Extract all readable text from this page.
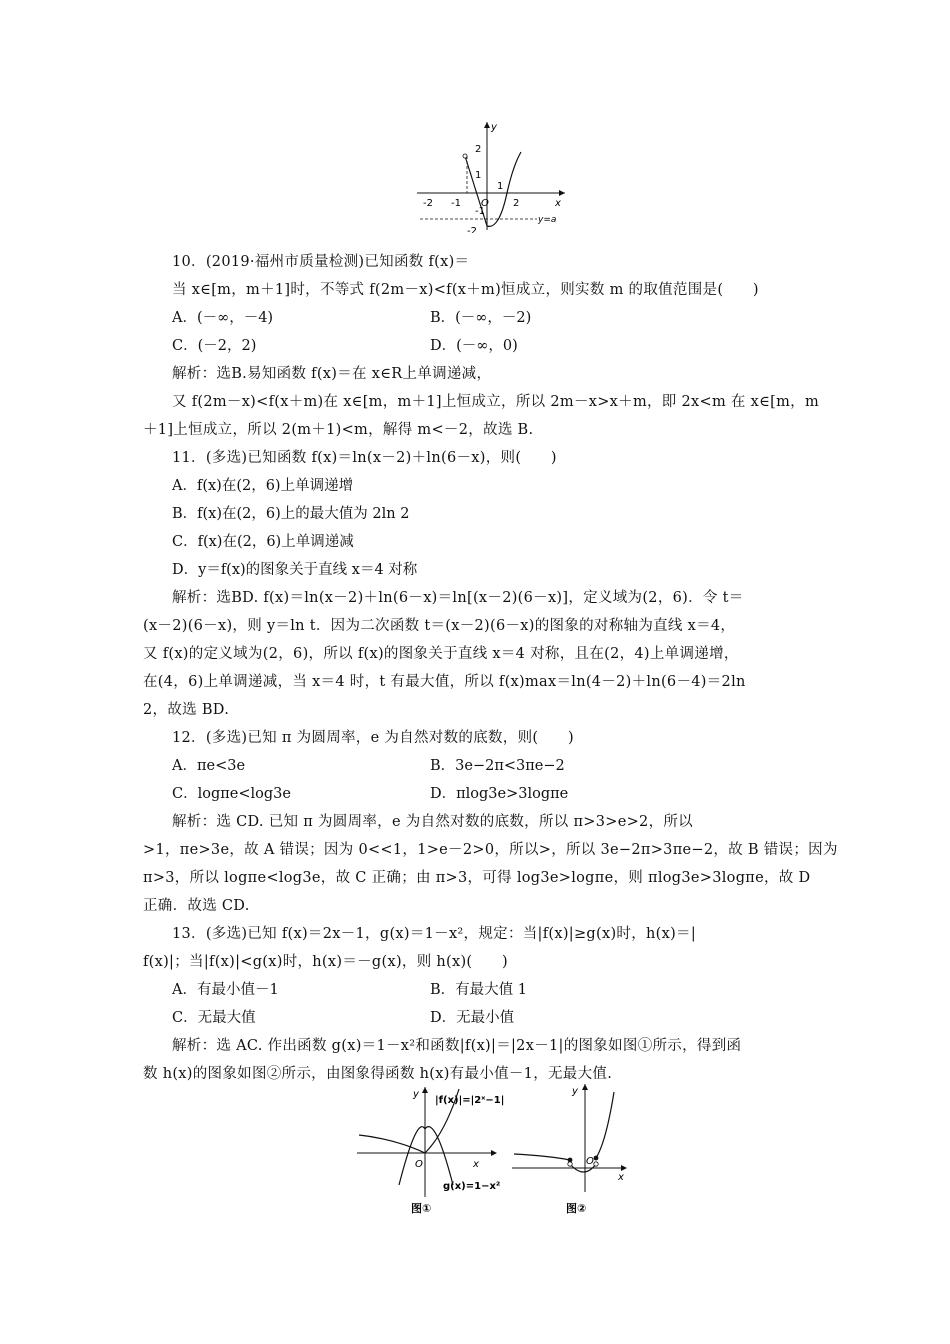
y
x
O
-2 -1
1
2
2
1
-1
-2
y=a
10．(2019·福州市质量检测)已知函数 f(x)＝
当 x∈[m，m＋1]时，不等式 f(2m－x)<f(x＋m)恒成立，则实数 m 的取值范围是(　　)
A．(－∞，－4)	B．(－∞，－2)
C．(－2，2)	D．(－∞，0)
解析：选B.易知函数 f(x)＝在 x∈R上单调递减，
又 f(2m－x)<f(x＋m)在 x∈[m，m＋1]上恒成立，所以 2m－x>x＋m，即 2x<m 在 x∈[m，m
＋1]上恒成立，所以 2(m＋1)<m，解得 m<－2，故选 B.
11．(多选)已知函数 f(x)＝ln(x－2)＋ln(6－x)，则(　　)
A．f(x)在(2，6)上单调递增
B．f(x)在(2，6)上的最大值为 2ln 2
C．f(x)在(2，6)上单调递减
D．y＝f(x)的图象关于直线 x＝4 对称
解析：选BD. f(x)＝ln(x－2)＋ln(6－x)＝ln[(x－2)(6－x)]，定义域为(2，6)．令 t＝
(x－2)(6－x)，则 y＝ln t．因为二次函数 t＝(x－2)(6－x)的图象的对称轴为直线 x＝4，
又 f(x)的定义域为(2，6)，所以 f(x)的图象关于直线 x＝4 对称，且在(2，4)上单调递增，
在(4，6)上单调递减，当 x＝4 时，t 有最大值，所以 f(x)max＝ln(4－2)＋ln(6－4)＝2ln
2，故选 BD.
12．(多选)已知 π 为圆周率，e 为自然对数的底数，则(　　)
A．πe<3e	B．3e−2π<3πe−2
C．logπe<log3e	D．πlog3e>3logπe
解析：选 CD. 已知 π 为圆周率，e 为自然对数的底数，所以 π>3>e>2，所以
>1，πe>3e，故 A 错误；因为 0<<1，1>e－2>0，所以>，所以 3e−2π>3πe−2，故 B 错误；因为
π>3，所以 logπe<log3e，故 C 正确；由 π>3，可得 log3e>logπe，则 πlog3e>3logπe，故 D
正确．故选 CD.
13．(多选)已知 f(x)＝2x－1，g(x)＝1－x²，规定：当|f(x)|≥g(x)时，h(x)＝|
f(x)|；当|f(x)|<g(x)时，h(x)＝－g(x)，则 h(x)(　　)
A．有最小值－1	B．有最大值 1
C．无最大值	D．无最小值
解析：选 AC. 作出函数 g(x)＝1－x²和函数|f(x)|＝|2x－1|的图象如图①所示，得到函
数 h(x)的图象如图②所示，由图象得函数 h(x)有最小值－1，无最大值.
y
x
O
|f(x)|=|2ˣ−1|
g(x)=1−x²
图①
y
x
O
图②
